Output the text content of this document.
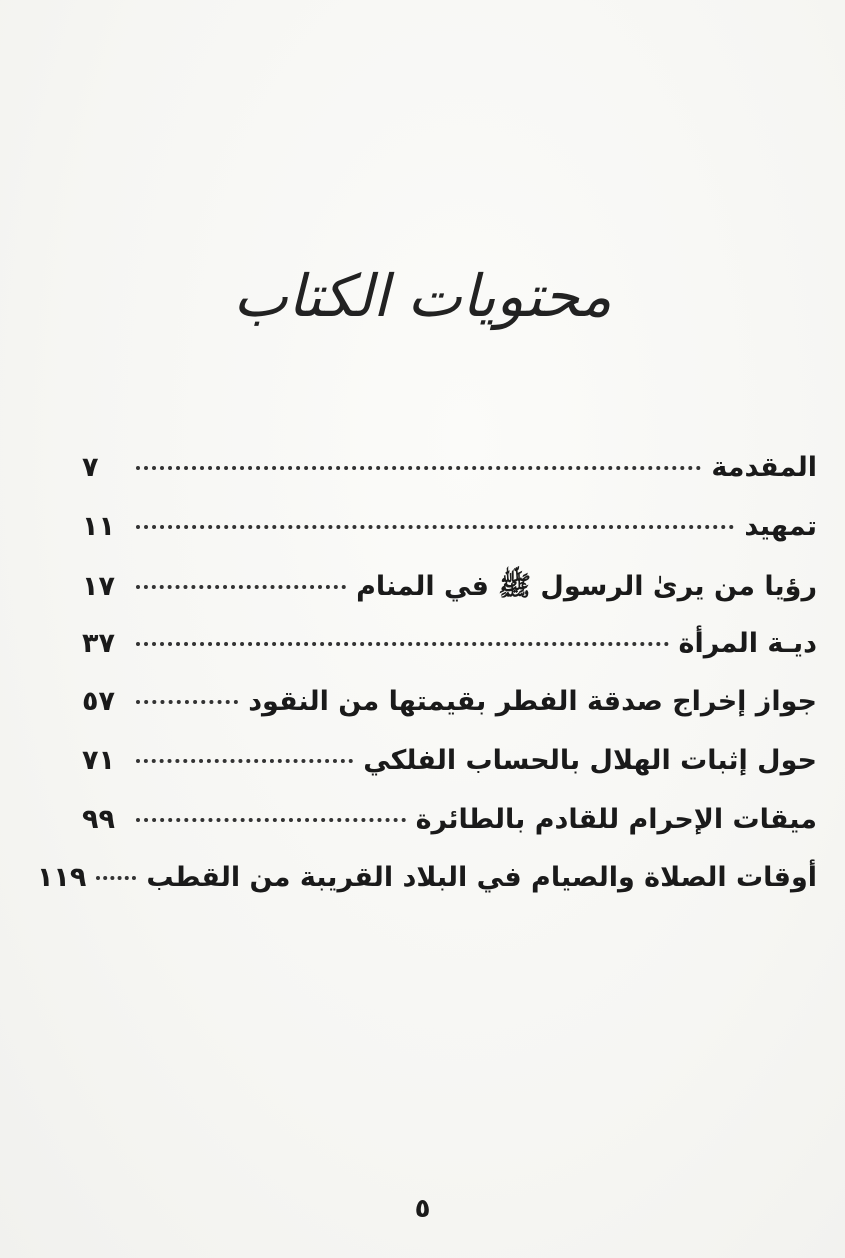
محتويات الكتاب
المقدمة
٧
تمهيد
١١
رؤيا من يرىٰ الرسول ﷺ في المنام
١٧
ديـة المرأة
٣٧
جواز إخراج صدقة الفطر بقيمتها من النقود
٥٧
حول إثبات الهلال بالحساب الفلكي
٧١
ميقات الإحرام للقادم بالطائرة
٩٩
أوقات الصلاة والصيام في البلاد القريبة من القطب
١١٩
٥
